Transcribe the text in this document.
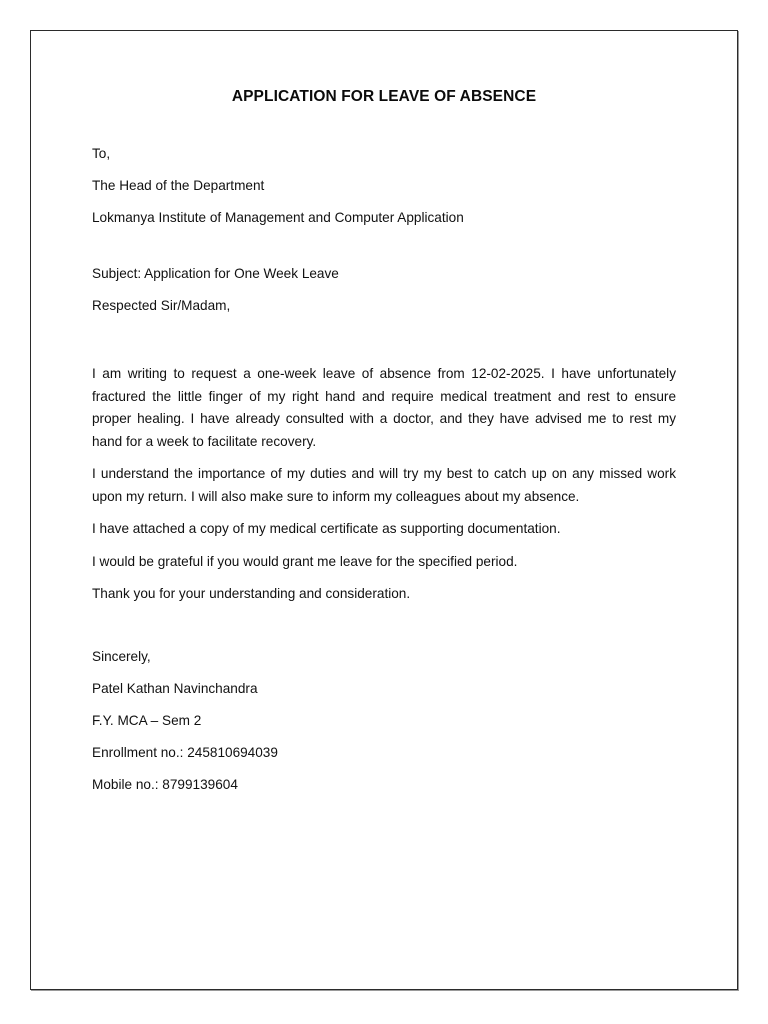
APPLICATION FOR LEAVE OF ABSENCE
To,
The Head of the Department
Lokmanya Institute of Management and Computer Application
Subject: Application for One Week Leave
Respected Sir/Madam,

I am writing to request a one-week leave of absence from 12-02-2025. I have unfortunately fractured the little finger of my right hand and require medical treatment and rest to ensure proper healing. I have already consulted with a doctor, and they have advised me to rest my hand for a week to facilitate recovery.

I understand the importance of my duties and will try my best to catch up on any missed work upon my return. I will also make sure to inform my colleagues about my absence.

I have attached a copy of my medical certificate as supporting documentation.

I would be grateful if you would grant me leave for the specified period.

Thank you for your understanding and consideration.

Sincerely,
Patel Kathan Navinchandra
F.Y. MCA – Sem 2
Enrollment no.: 245810694039
Mobile no.: 8799139604
